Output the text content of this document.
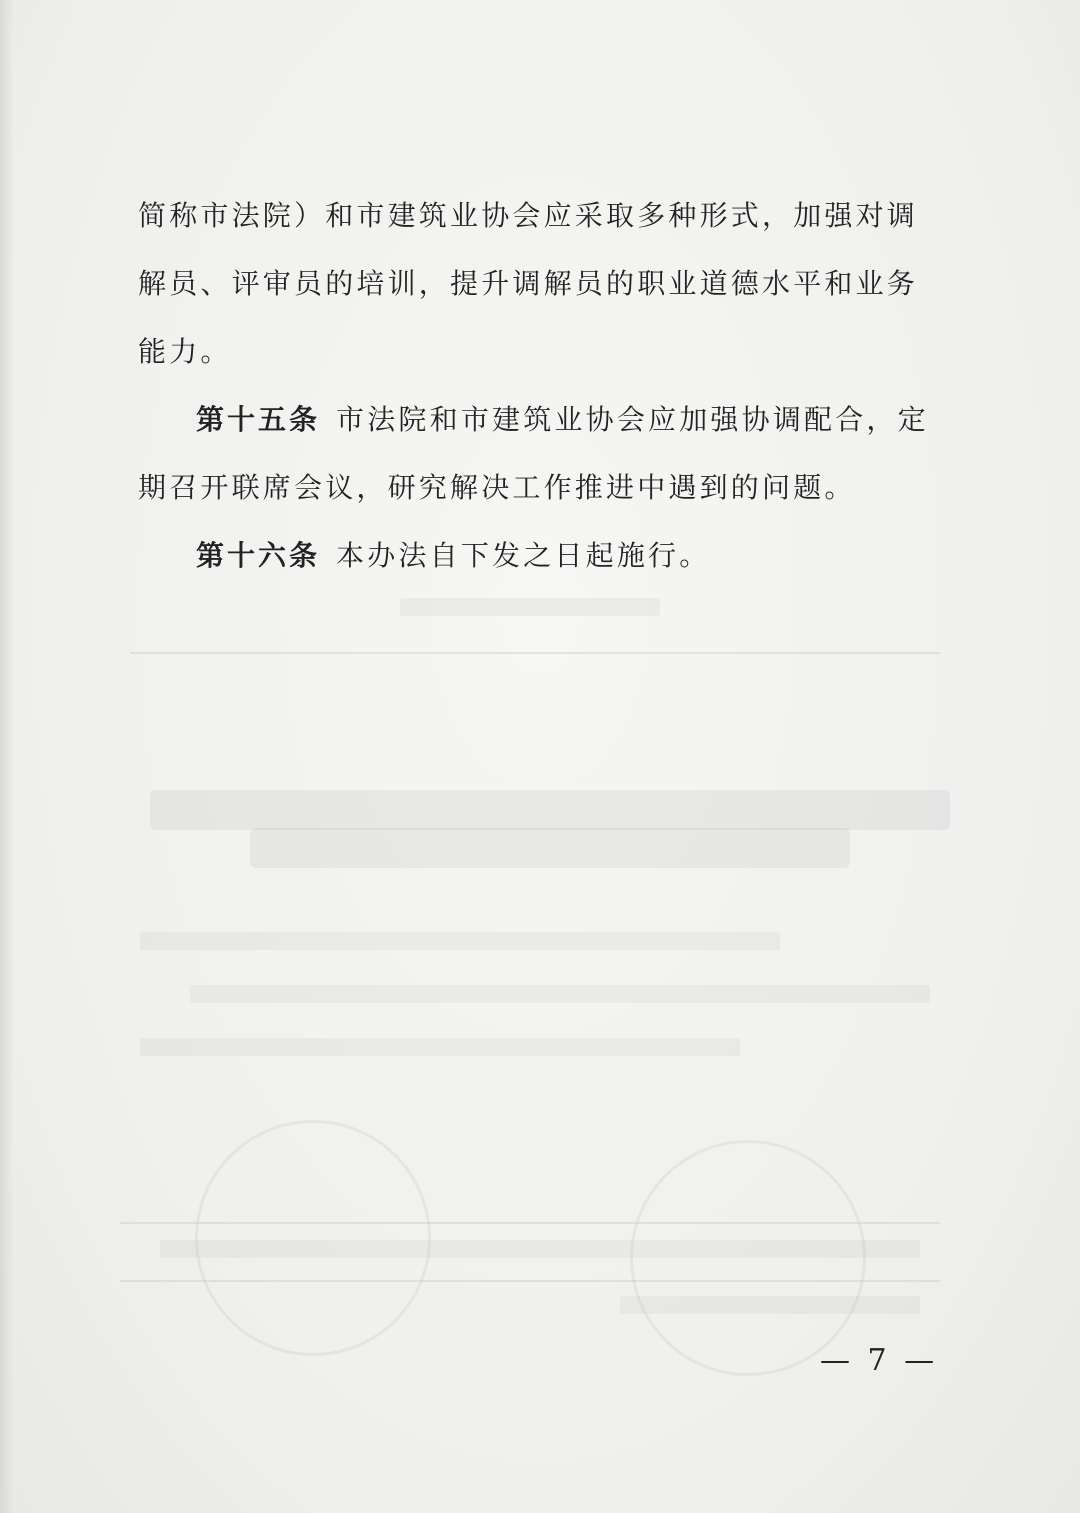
简称市法院）和市建筑业协会应采取多种形式，加强对调解员、评审员的培训，提升调解员的职业道德水平和业务能力。

第十五条 市法院和市建筑业协会应加强协调配合，定期召开联席会议，研究解决工作推进中遇到的问题。

第十六条 本办法自下发之日起施行。

— 7 —
